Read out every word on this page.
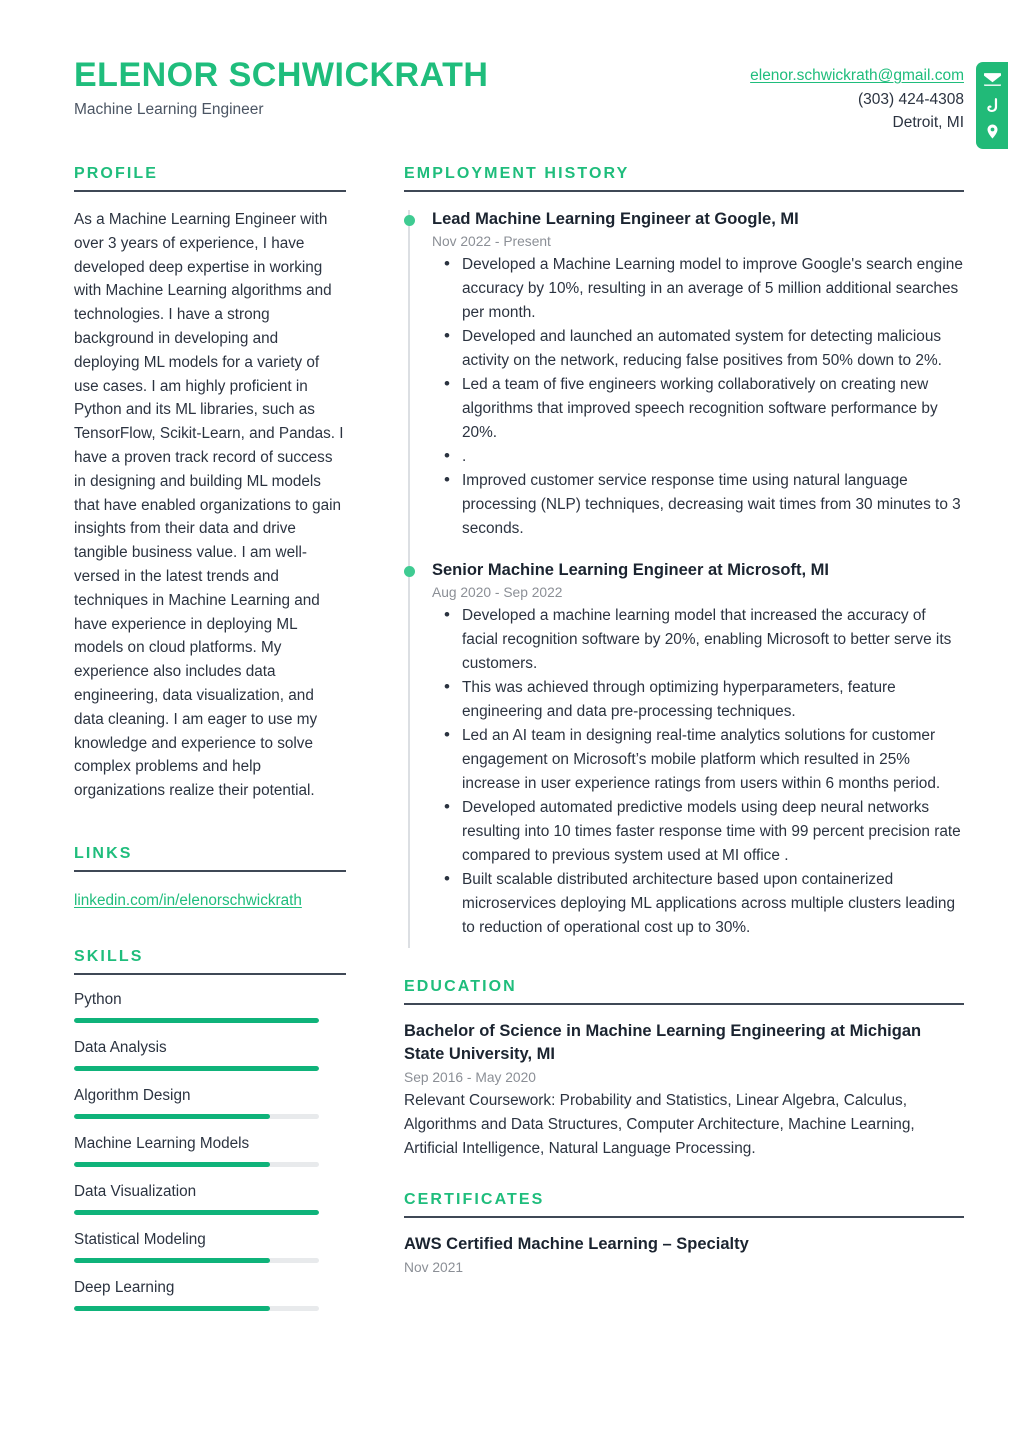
ELENOR SCHWICKRATH
Machine Learning Engineer
elenor.schwickrath@gmail.com
(303) 424-4308
Detroit, MI
PROFILE
As a Machine Learning Engineer with over 3 years of experience, I have developed deep expertise in working with Machine Learning algorithms and technologies. I have a strong background in developing and deploying ML models for a variety of use cases. I am highly proficient in Python and its ML libraries, such as TensorFlow, Scikit-Learn, and Pandas. I have a proven track record of success in designing and building ML models that have enabled organizations to gain insights from their data and drive tangible business value. I am well-versed in the latest trends and techniques in Machine Learning and have experience in deploying ML models on cloud platforms. My experience also includes data engineering, data visualization, and data cleaning. I am eager to use my knowledge and experience to solve complex problems and help organizations realize their potential.
LINKS
linkedin.com/in/elenorschwickrath
SKILLS
Python
Data Analysis
Algorithm Design
Machine Learning Models
Data Visualization
Statistical Modeling
Deep Learning
EMPLOYMENT HISTORY
Lead Machine Learning Engineer at Google, MI
Nov 2022 - Present
• Developed a Machine Learning model to improve Google's search engine accuracy by 10%, resulting in an average of 5 million additional searches per month.
• Developed and launched an automated system for detecting malicious activity on the network, reducing false positives from 50% down to 2%.
• Led a team of five engineers working collaboratively on creating new algorithms that improved speech recognition software performance by 20%.
• .
• Improved customer service response time using natural language processing (NLP) techniques, decreasing wait times from 30 minutes to 3 seconds.
Senior Machine Learning Engineer at Microsoft, MI
Aug 2020 - Sep 2022
• Developed a machine learning model that increased the accuracy of facial recognition software by 20%, enabling Microsoft to better serve its customers.
• This was achieved through optimizing hyperparameters, feature engineering and data pre-processing techniques.
• Led an AI team in designing real-time analytics solutions for customer engagement on Microsoft’s mobile platform which resulted in 25% increase in user experience ratings from users within 6 months period.
• Developed automated predictive models using deep neural networks resulting into 10 times faster response time with 99 percent precision rate compared to previous system used at MI office .
• Built scalable distributed architecture based upon containerized microservices deploying ML applications across multiple clusters leading to reduction of operational cost up to 30%.
EDUCATION
Bachelor of Science in Machine Learning Engineering at Michigan State University, MI
Sep 2016 - May 2020
Relevant Coursework: Probability and Statistics, Linear Algebra, Calculus, Algorithms and Data Structures, Computer Architecture, Machine Learning, Artificial Intelligence, Natural Language Processing.
CERTIFICATES
AWS Certified Machine Learning – Specialty
Nov 2021
